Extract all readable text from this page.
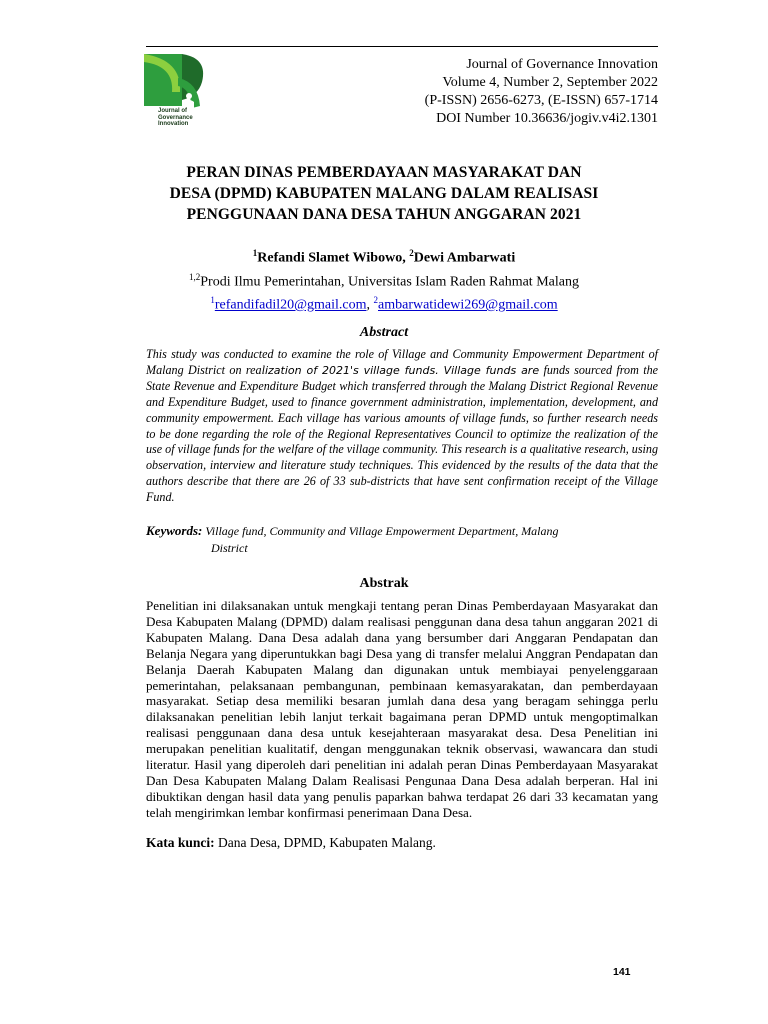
Journal of
Governance
Innovation
Journal of Governance Innovation
Volume 4, Number 2, September 2022
(P-ISSN) 2656-6273, (E-ISSN) 657-1714
DOI Number 10.36636/jogiv.v4i2.1301
PERAN DINAS PEMBERDAYAAN MASYARAKAT DAN
DESA (DPMD) KABUPATEN MALANG DALAM REALISASI
PENGGUNAAN DANA DESA TAHUN ANGGARAN 2021
$^1$Refandi Slamet Wibowo, $^2$Dewi Ambarwati
$^{1,2}$Prodi Ilmu Pemerintahan, Universitas Islam Raden Rahmat Malang
$^1$refandifadil20@gmail.com, $^2$ambarwatidewi269@gmail.com
Abstract
This study was conducted to examine the role of Village and Community Empowerment Department of Malang District on realization of 2021's village funds. Village funds are funds sourced from the State Revenue and Expenditure Budget which transferred through the Malang District Regional Revenue and Expenditure Budget, used to finance government administration, implementation, development, and community empowerment. Each village has various amounts of village funds, so further research needs to be done regarding the role of the Regional Representatives Council to optimize the realization of the use of village funds for the welfare of the village community. This research is a qualitative research, using observation, interview and literature study techniques. This evidenced by the results of the data that the authors describe that there are 26 of 33 sub-districts that have sent confirmation receipt of the Village Fund.
Keywords: Village fund, Community and Village Empowerment Department, Malang
District
Abstrak
Penelitian ini dilaksanakan untuk mengkaji tentang peran Dinas Pemberdayaan Masyarakat dan Desa Kabupaten Malang (DPMD) dalam realisasi penggunan dana desa tahun anggaran 2021 di Kabupaten Malang. Dana Desa adalah dana yang bersumber dari Anggaran Pendapatan dan Belanja Negara yang diperuntukkan bagi Desa yang di transfer melalui Anggran Pendapatan dan Belanja Daerah Kabupaten Malang dan digunakan untuk membiayai penyelenggaraan pemerintahan, pelaksanaan pembangunan, pembinaan kemasyarakatan, dan pemberdayaan masyarakat. Setiap desa memiliki besaran jumlah dana desa yang beragam sehingga perlu dilaksanakan penelitian lebih lanjut terkait bagaimana peran DPMD untuk mengoptimalkan realisasi penggunaan dana desa untuk kesejahteraan masyarakat desa. Desa Penelitian ini merupakan penelitian kualitatif, dengan menggunakan teknik observasi, wawancara dan studi literatur. Hasil yang diperoleh dari penelitian ini adalah peran Dinas Pemberdayaan Masyarakat Dan Desa Kabupaten Malang Dalam Realisasi Pengunaa Dana Desa adalah berperan. Hal ini dibuktikan dengan hasil data yang penulis paparkan bahwa terdapat 26 dari 33 kecamatan yang telah mengirimkan lembar konfirmasi penerimaan Dana Desa.
Kata kunci: Dana Desa, DPMD, Kabupaten Malang.
141
